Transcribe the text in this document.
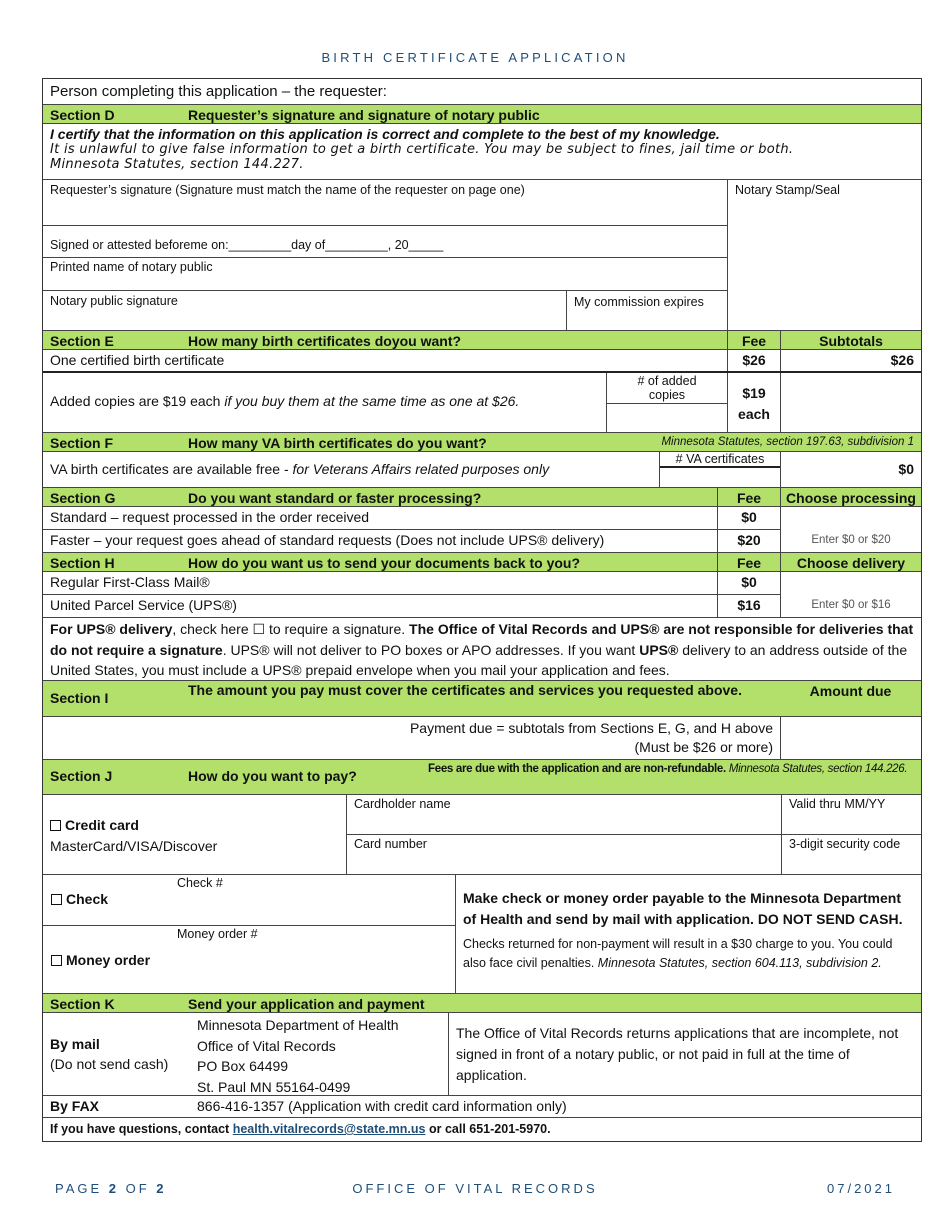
BIRTH CERTIFICATE APPLICATION
Person completing this application – the requester:
Section D	Requester’s signature and signature of notary public
I certify that the information on this application is correct and complete to the best of my knowledge.
It is unlawful to give false information to get a birth certificate. You may be subject to fines, jail time or both.
Minnesota Statutes, section 144.227.
Requester’s signature (Signature must match the name of the requester on page one)
Signed or attested beforeme on:_________day of_________, 20_____
Printed name of notary public
Notary public signature	My commission expires
Notary Stamp/Seal
Section E	How many birth certificates doyou want?	Fee	Subtotals
One certified birth certificate	$26	$26
Added copies are $19 each if you buy them at the same time as one at $26.
# of added copies	$19 each
Section F	How many VA birth certificates do you want?	Minnesota Statutes, section 197.63, subdivision 1
VA birth certificates are available free - for Veterans Affairs related purposes only
# VA certificates
$0
Section G	Do you want standard or faster processing?	Fee	Choose processing
Standard – request processed in the order received	$0
Faster – your request goes ahead of standard requests (Does not include UPS® delivery)	$20	Enter $0 or $20
Section H	How do you want us to send your documents back to you?	Fee	Choose delivery
Regular First-Class Mail®	$0
United Parcel Service (UPS®)	$16	Enter $0 or $16
For UPS® delivery, check here ☐ to require a signature. The Office of Vital Records and UPS® are not responsible for deliveries that do not require a signature. UPS® will not deliver to PO boxes or APO addresses. If you want UPS® delivery to an address outside of the United States, you must include a UPS® prepaid envelope when you mail your application and fees.
Section I	The amount you pay must cover the certificates and services you requested above.	Amount due
Payment due = subtotals from Sections E, G, and H above
(Must be $26 or more)
Section J	How do you want to pay?	Fees are due with the application and are non-refundable. Minnesota Statutes, section 144.226.
Credit card
MasterCard/VISA/Discover
Cardholder name	Valid thru MM/YY
Card number	3-digit security code
Check #
Check
Money order #
Money order
Make check or money order payable to the Minnesota Department of Health and send by mail with application. DO NOT SEND CASH.
Checks returned for non-payment will result in a $30 charge to you. You could also face civil penalties. Minnesota Statutes, section 604.113, subdivision 2.
Section K	Send your application and payment
By mail
(Do not send cash)
Minnesota Department of Health
Office of Vital Records
PO Box 64499
St. Paul MN 55164-0499
The Office of Vital Records returns applications that are incomplete, not signed in front of a notary public, or not paid in full at the time of application.
By FAX	866-416-1357 (Application with credit card information only)
If you have questions, contact health.vitalrecords@state.mn.us or call 651-201-5970.
PAGE 2 OF 2	OFFICE OF VITAL RECORDS	07/2021
